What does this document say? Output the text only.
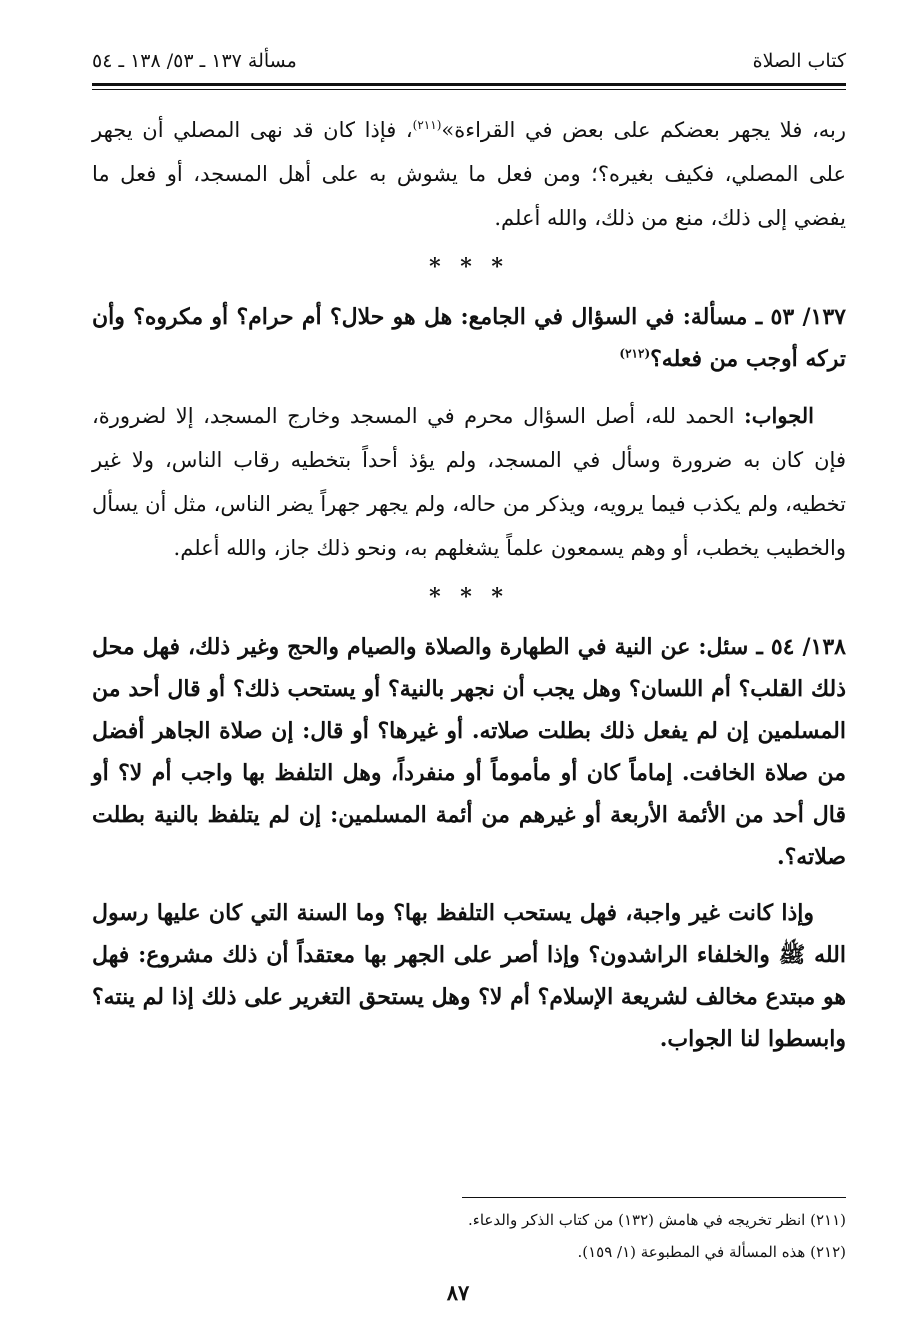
كتاب الصلاة
مسألة ١٣٧ ـ ٥٣/ ١٣٨ ـ ٥٤

ربه، فلا يجهر بعضكم على بعض في القراءة»$^{(٢١١)}$، فإذا كان قد نهى المصلي أن يجهر على المصلي، فكيف بغيره؟؛ ومن فعل ما يشوش به على أهل المسجد، أو فعل ما يفضي إلى ذلك، منع من ذلك، والله أعلم.

* * *

١٣٧/ ٥٣ ـ مسألة: في السؤال في الجامع: هل هو حلال؟ أم حرام؟ أو مكروه؟ وأن تركه أوجب من فعله؟$^{(٢١٢)}$

الجواب: الحمد لله، أصل السؤال محرم في المسجد وخارج المسجد، إلا لضرورة، فإن كان به ضرورة وسأل في المسجد، ولم يؤذ أحداً بتخطيه رقاب الناس، ولا غير تخطيه، ولم يكذب فيما يرويه، ويذكر من حاله، ولم يجهر جهراً يضر الناس، مثل أن يسأل والخطيب يخطب، أو وهم يسمعون علماً يشغلهم به، ونحو ذلك جاز، والله أعلم.

* * *

١٣٨/ ٥٤ ـ سئل: عن النية في الطهارة والصلاة والصيام والحج وغير ذلك، فهل محل ذلك القلب؟ أم اللسان؟ وهل يجب أن نجهر بالنية؟ أو يستحب ذلك؟ أو قال أحد من المسلمين إن لم يفعل ذلك بطلت صلاته. أو غيرها؟ أو قال: إن صلاة الجاهر أفضل من صلاة الخافت. إماماً كان أو مأموماً أو منفرداً، وهل التلفظ بها واجب أم لا؟ أو قال أحد من الأئمة الأربعة أو غيرهم من أئمة المسلمين: إن لم يتلفظ بالنية بطلت صلاته؟.

وإذا كانت غير واجبة، فهل يستحب التلفظ بها؟ وما السنة التي كان عليها رسول الله ﷺ والخلفاء الراشدون؟ وإذا أصر على الجهر بها معتقداً أن ذلك مشروع: فهل هو مبتدع مخالف لشريعة الإسلام؟ أم لا؟ وهل يستحق التغرير على ذلك إذا لم ينته؟ وابسطوا لنا الجواب.

(٢١١) انظر تخريجه في هامش (١٣٢) من كتاب الذكر والدعاء.

(٢١٢) هذه المسألة في المطبوعة (١/ ١٥٩).

٨٧
